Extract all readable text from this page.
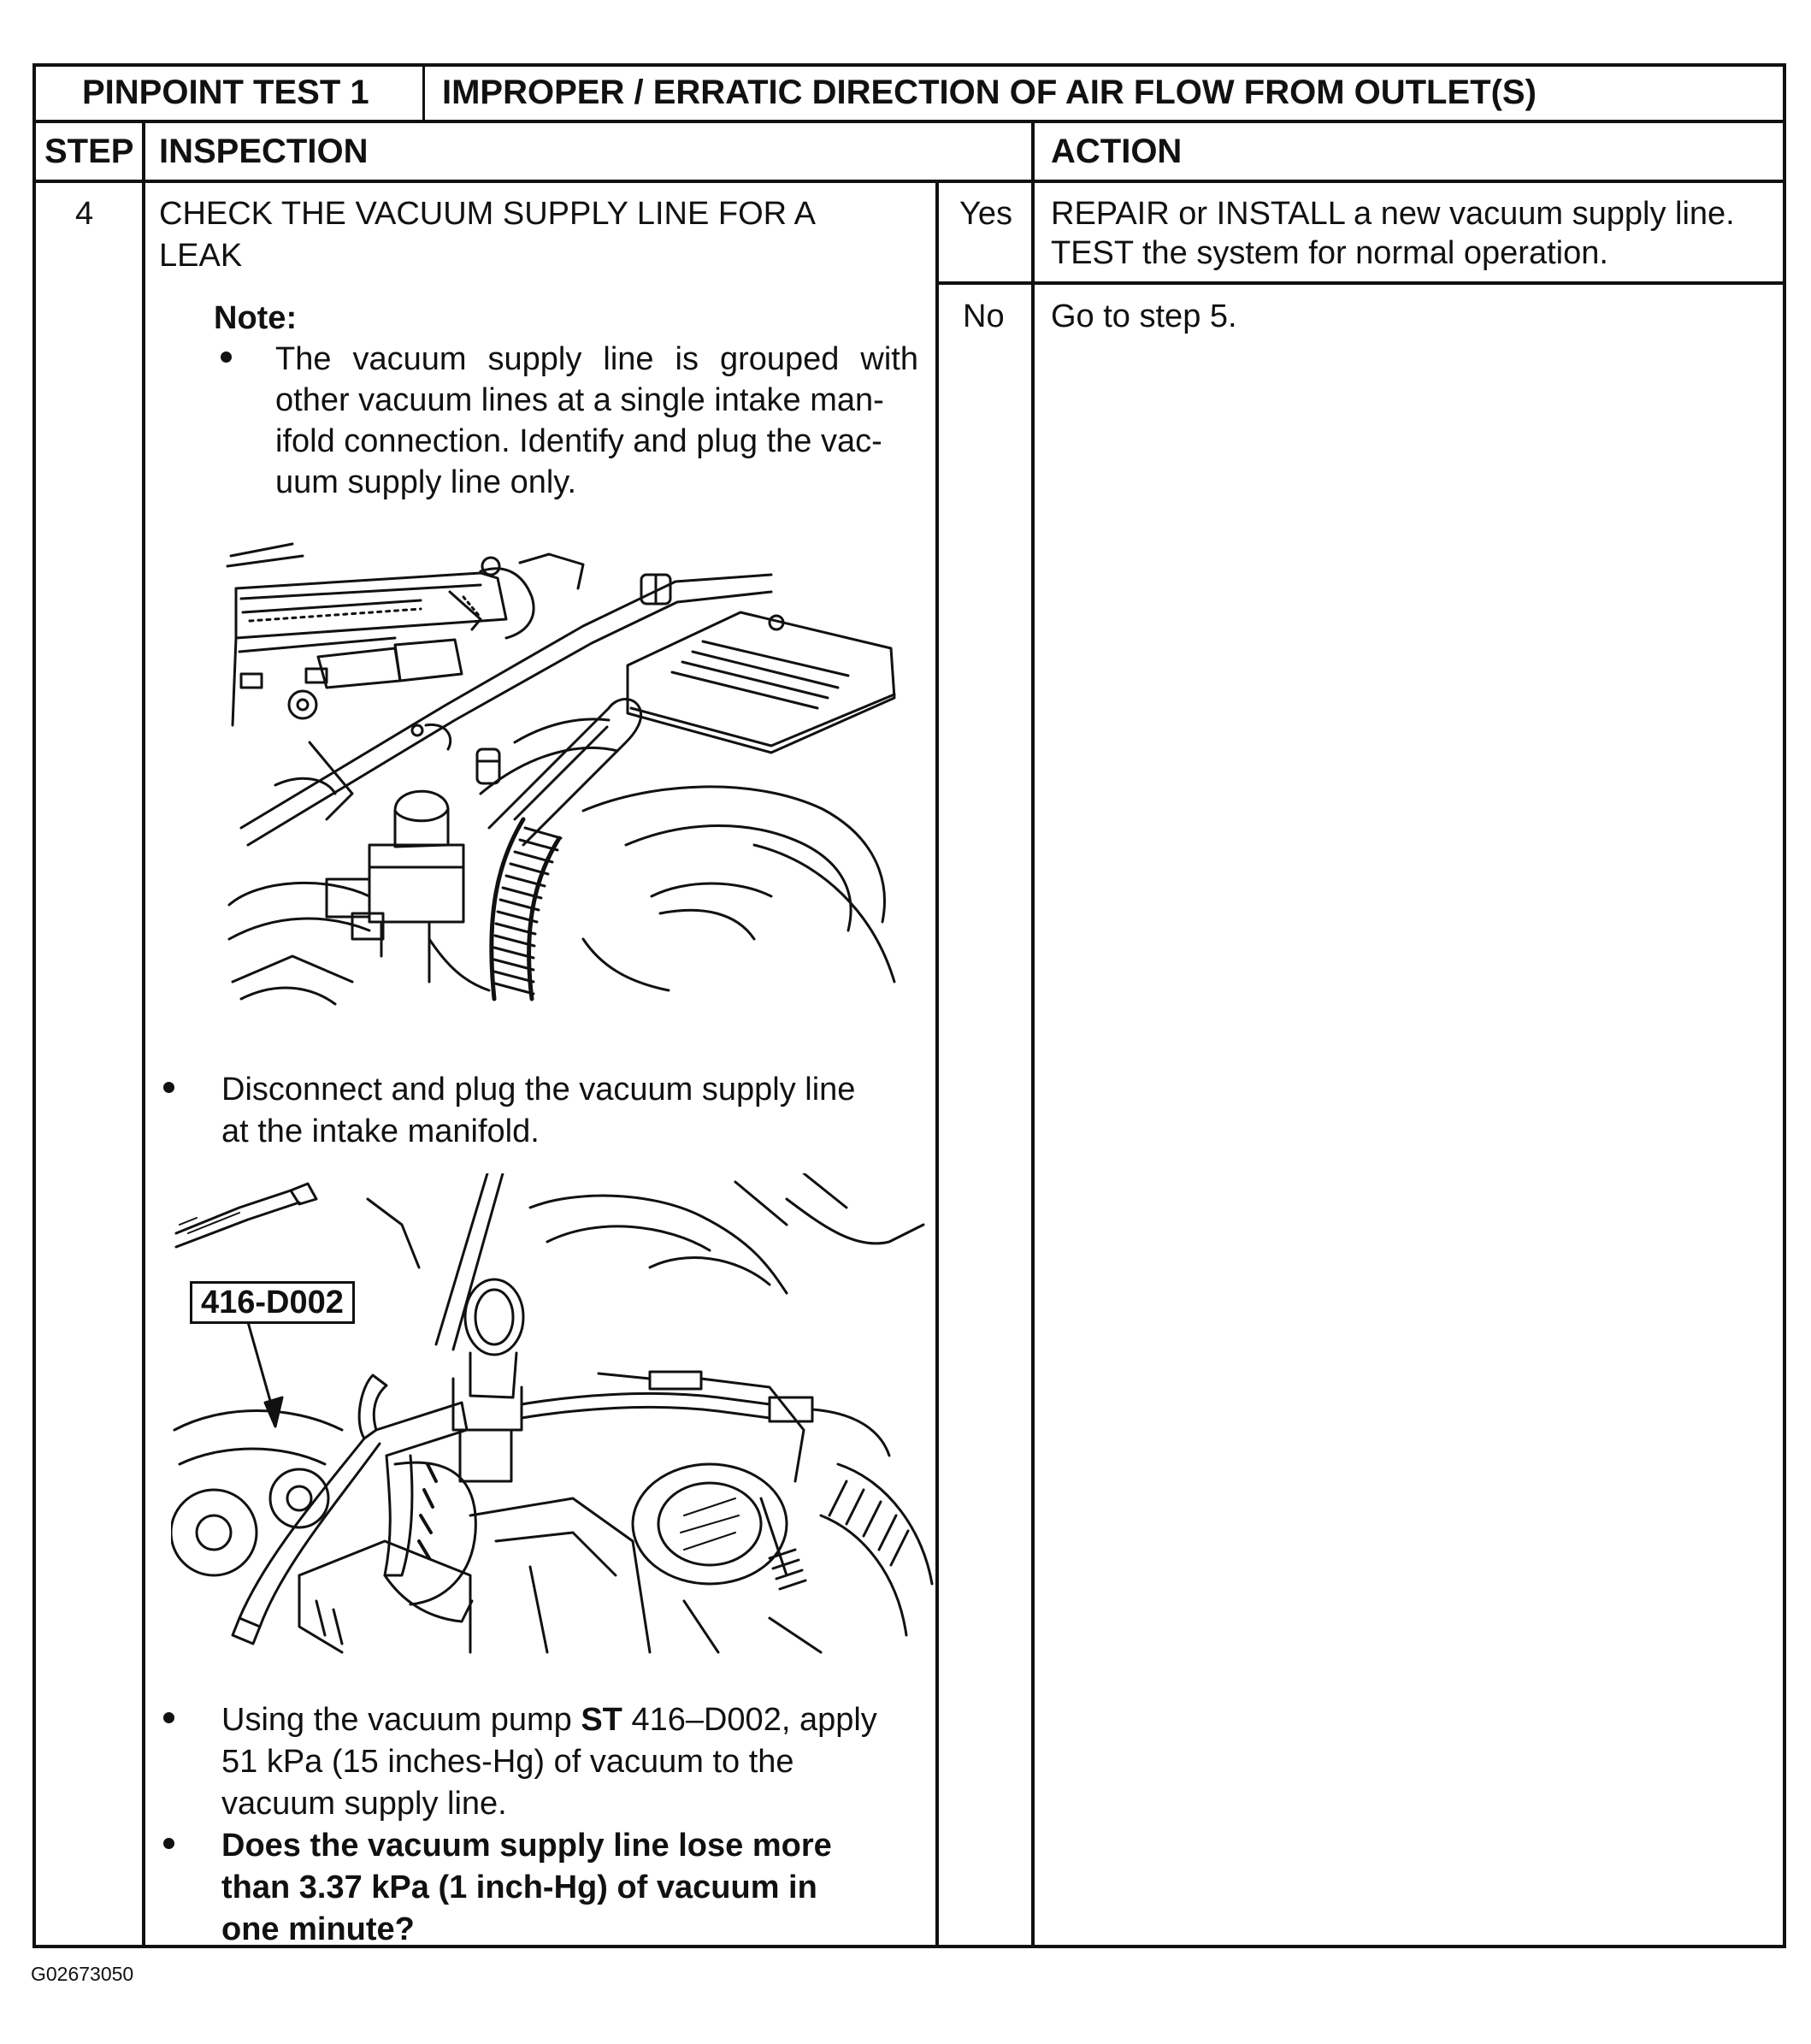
PINPOINT TEST 1 IMPROPER / ERRATIC DIRECTION OF AIR FLOW FROM OUTLET(S)
STEP INSPECTION	ACTION
4 CHECK THE VACUUM SUPPLY LINE FOR A
LEAK
Note:
The vacuum supply line is grouped with
other vacuum lines at a single intake man-
ifold connection. Identify and plug the vac-
uum supply line only.
Disconnect and plug the vacuum supply line
at the intake manifold.
416-D002
Using the vacuum pump ST 416–D002, apply
51 kPa (15 inches-Hg) of vacuum to the
vacuum supply line.
Does the vacuum supply line lose more
than 3.37 kPa (1 inch-Hg) of vacuum in
one minute?
Yes REPAIR or INSTALL a new vacuum supply line.
TEST the system for normal operation.
No Go to step 5.
G02673050
